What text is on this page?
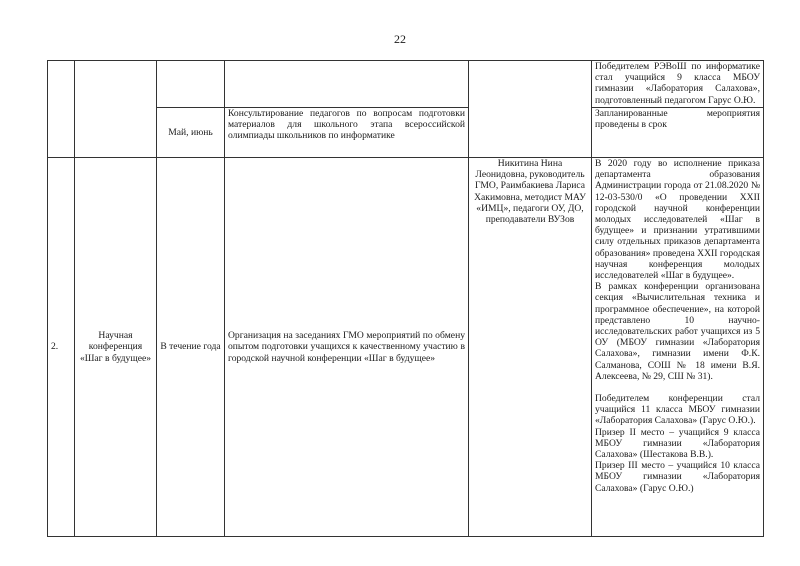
22
					Победителем РЭВоШ по информатике стал учащийся 9 класса МБОУ гимназии «Лаборатория Салахова», подготовленный педагогом Гарус О.Ю.
		Май, июнь	Консультирование педагогов по вопросам подготовки материалов для школьного этапа всероссийской олимпиады школьников по информатике		Запланированные мероприятия проведены в срок
2.	Научная конференция «Шаг в будущее»	В течение года	Организация на заседаниях ГМО мероприятий по обмену опытом подготовки учащихся к качественному участию в городской научной конференции «Шаг в будущее»	Никитина Нина Леонидовна, руководитель ГМО, Раимбакиева Лариса Хакимовна, методист МАУ «ИМЦ», педагоги ОУ, ДО, преподаватели ВУЗов	В 2020 году во исполнение приказа департамента образования Администрации города от 21.08.2020 № 12-03-530/0 «О проведении XXII городской научной конференции молодых исследователей «Шаг в будущее» и признании утратившими силу отдельных приказов департамента образования» проведена XXII городская научная конференция молодых исследователей «Шаг в будущее».

В рамках конференции организована секция «Вычислительная техника и программное обеспечение», на которой представлено 10 научно-исследовательских работ учащихся из 5 ОУ (МБОУ гимназии «Лаборатория Салахова», гимназии имени Ф.К. Салманова, СОШ № 18 имени В.Я. Алексеева, № 29, СШ № 31).

Победителем конференции стал учащийся 11 класса МБОУ гимназии «Лаборатория Салахова» (Гарус О.Ю.).

Призер II место – учащийся 9 класса МБОУ гимназии «Лаборатория Салахова» (Шестакова В.В.).

Призер III место – учащийся 10 класса МБОУ гимназии «Лаборатория Салахова» (Гарус О.Ю.)
